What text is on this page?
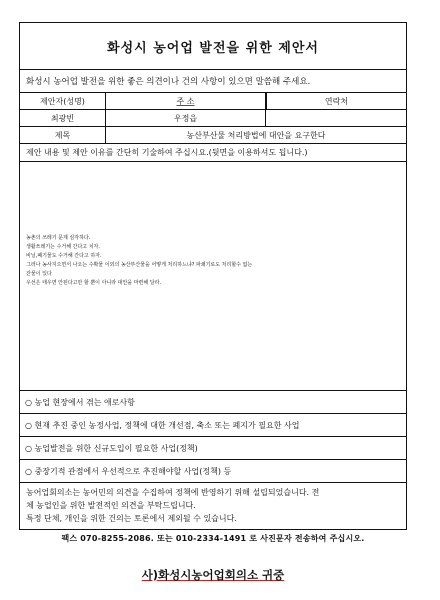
화성시 농어업 발전을 위한 제안서
화성시 농어업 발전을 위한 좋은 의견이나 건의 사항이 있으면 말씀해 주세요.
제안자(성명)	주 소	연락처
최광빈	우정읍
제목	농산부산물 처리방법에 대안을 요구한다
제안 내용 및 제안 이유를 간단히 기술하여 주십시요.(뒷면을 이용하셔도 됩니다.)
농촌의 쓰레기 문제 심각하다.
생활쓰레기는 수거해 간다고 치자.
비닐,폐기물도 수거해 간다고 하자.
그러나 농사지으면서 나오는 수확물 이외의 농산부산물을 어떻게 처리하느냐? 파쇄기로도 처리할수 없는
잔물이 있다
우선은 태우면 안된다고만 할 뿐이 아니라 대안을 마련해 달라.
○ 농업 현장에서 겪는 애로사항
○ 현재 추진 중인 농정사업, 정책에 대한 개선점, 축소 또는 폐지가 필요한 사업
○ 농업발전을 위한 신규도입이 필요한 사업(정책)
○ 중장기적 관점에서 우선적으로 추진해야할 사업(정책) 등
농어업회의소는 농어민의 의견을 수집하여 정책에 반영하기 위해 설립되었습니다. 전
체 농업인을 위한 발전적인 의견을 부탁드립니다.
특정 단체, 개인을 위한 건의는 토론에서 제외될 수 있습니다.
팩스 070-8255-2086. 또는 010-2334-1491 로 사진문자 전송하여 주십시오.
사)화성시농어업회의소 귀중
